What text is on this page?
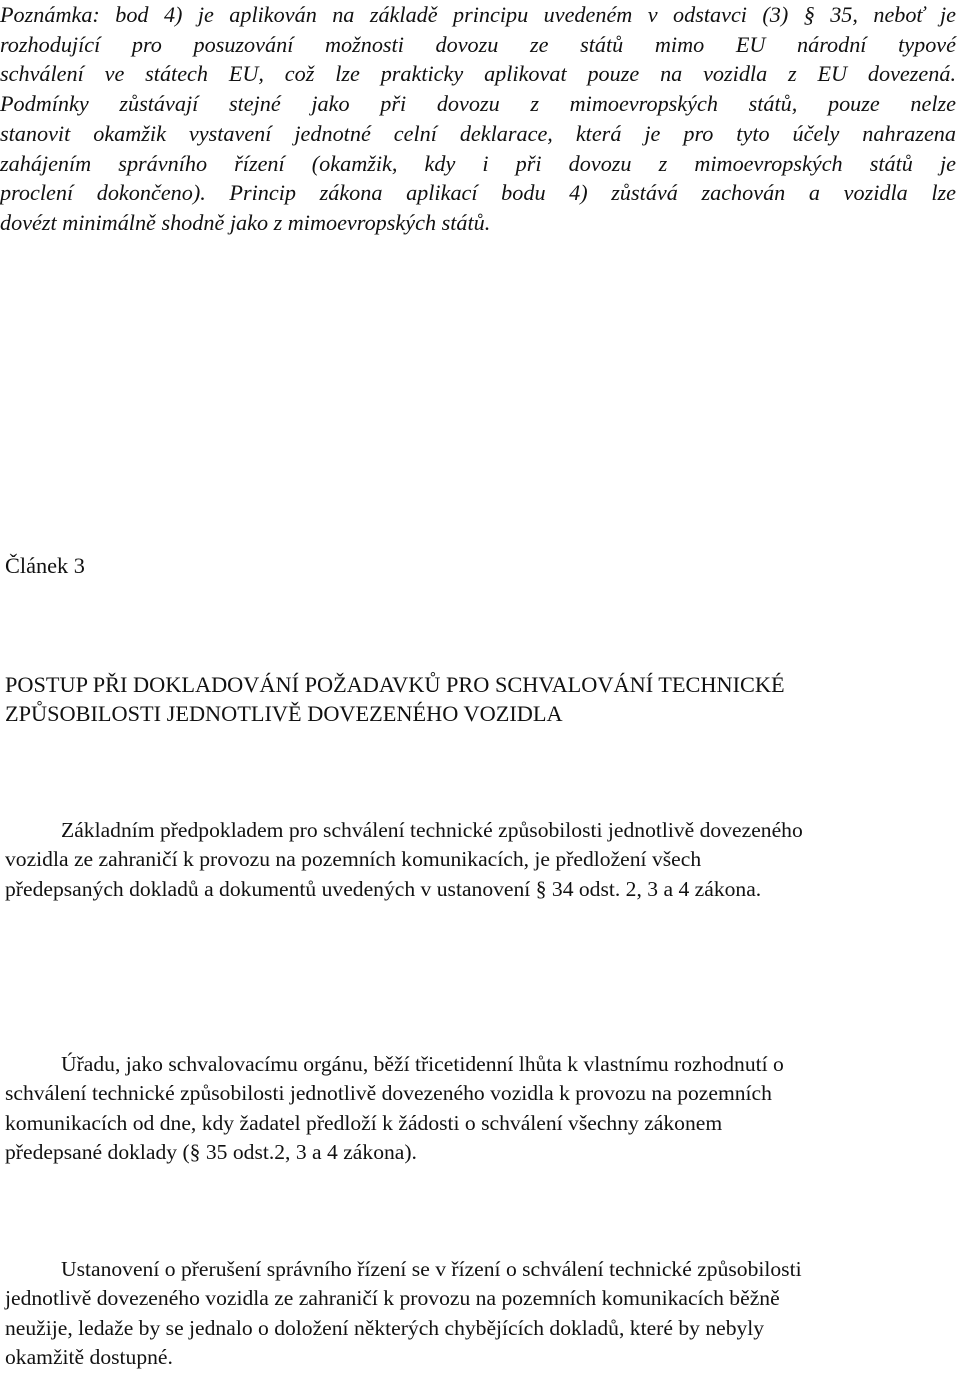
Poznámka: bod 4) je aplikován na základě principu uvedeném v odstavci (3) § 35, neboť je
rozhodující pro posuzování možnosti dovozu ze států mimo EU národní typové
schválení ve státech EU, což lze prakticky aplikovat pouze na vozidla z EU dovezená.
Podmínky zůstávají stejné jako při dovozu z mimoevropských států, pouze nelze
stanovit okamžik vystavení jednotné celní deklarace, která je pro tyto účely nahrazena
zahájením správního řízení (okamžik, kdy i při dovozu z mimoevropských států je
proclení dokončeno). Princip zákona aplikací bodu 4) zůstává zachován a vozidla lze
dovézt minimálně shodně jako z mimoevropských států.
Článek 3
POSTUP PŘI DOKLADOVÁNÍ POŽADAVKŮ PRO SCHVALOVÁNÍ TECHNICKÉ
ZPŮSOBILOSTI JEDNOTLIVĚ DOVEZENÉHO VOZIDLA

Základním předpokladem pro schválení technické způsobilosti jednotlivě dovezeného
vozidla ze zahraničí k provozu na pozemních komunikacích, je předložení všech
předepsaných dokladů a dokumentů uvedených v ustanovení § 34 odst. 2, 3 a 4 zákona.

Úřadu, jako schvalovacímu orgánu, běží třicetidenní lhůta k vlastnímu rozhodnutí o
schválení technické způsobilosti jednotlivě dovezeného vozidla k provozu na pozemních
komunikacích od dne, kdy žadatel předloží k žádosti o schválení všechny zákonem
předepsané doklady (§ 35 odst.2, 3 a 4 zákona).

Ustanovení o přerušení správního řízení se v řízení o schválení technické způsobilosti
jednotlivě dovezeného vozidla ze zahraničí k provozu na pozemních komunikacích běžně
neužije, ledaže by se jednalo o doložení některých chybějících dokladů, které by nebyly
okamžitě dostupné.
